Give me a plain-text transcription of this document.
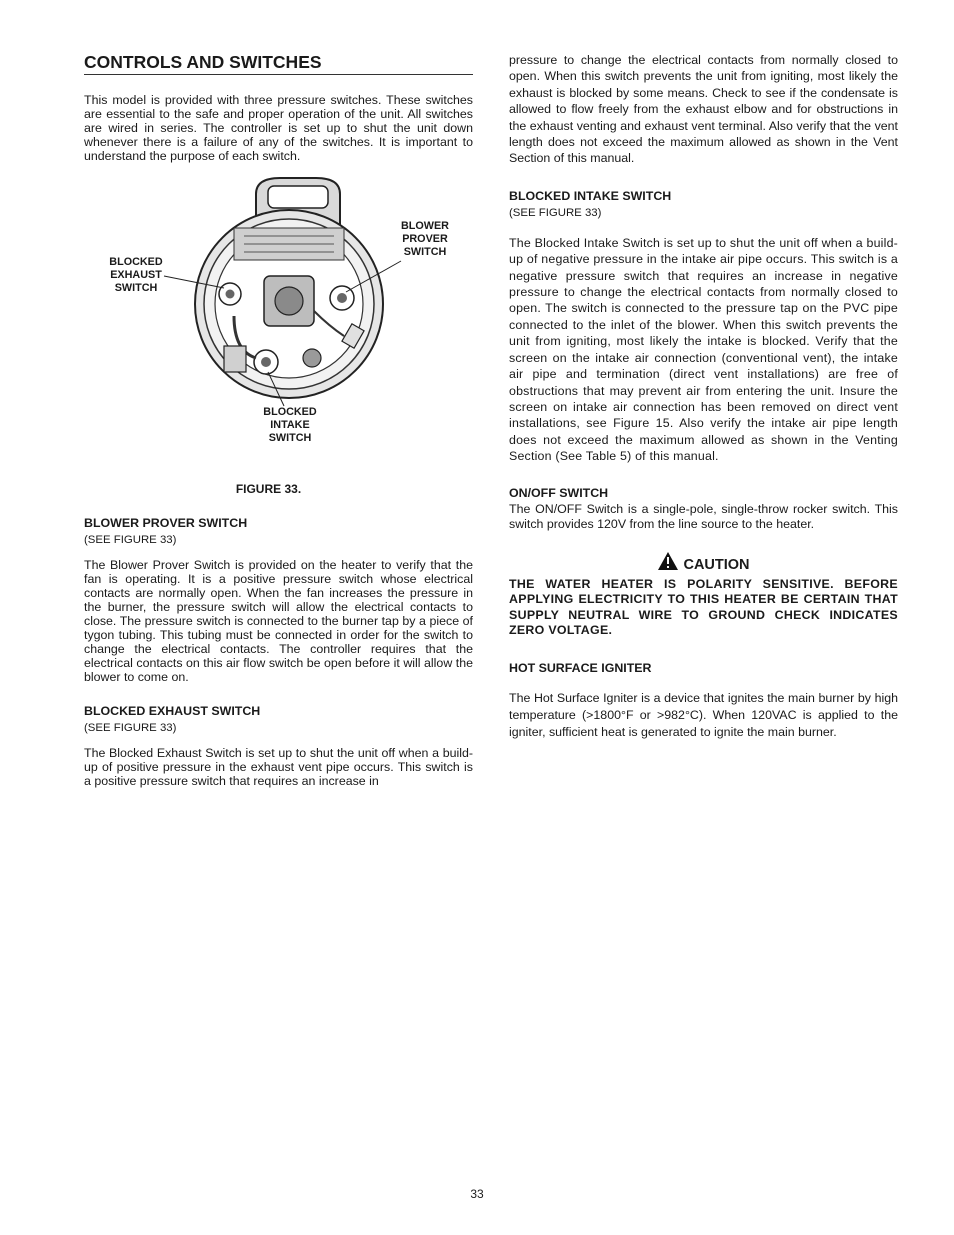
CONTROLS AND SWITCHES

This model is provided with three pressure switches. These switches are essential to the safe and proper operation of the unit. All switches are wired in series. The controller is set up to shut the unit down whenever there is a failure of any of the switches. It is important to understand the purpose of each switch.

BLOWER
PROVER
SWITCH
BLOCKED
EXHAUST
SWITCH
BLOCKED
INTAKE
SWITCH
FIGURE 33.
BLOWER PROVER SWITCH
(SEE FIGURE 33)

The Blower Prover Switch is provided on the heater to verify that the fan is operating. It is a positive pressure switch whose electrical contacts are normally open. When the fan increases the pressure in the burner, the pressure switch will allow the electrical contacts to close. The pressure switch is connected to the burner tap by a piece of tygon tubing. This tubing must be connected in order for the switch to change the electrical contacts. The controller requires that the electrical contacts on this air flow switch be open before it will allow the blower to come on.

BLOCKED EXHAUST SWITCH
(SEE FIGURE 33)

The Blocked Exhaust Switch is set up to shut the unit off when a build-up of positive pressure in the exhaust vent pipe occurs. This switch is a positive pressure switch that requires an increase in

pressure to change the electrical contacts from normally closed to open. When this switch prevents the unit from igniting, most likely the exhaust is blocked by some means. Check to see if the condensate is allowed to flow freely from the exhaust elbow and for obstructions in the exhaust venting and exhaust vent terminal. Also verify that the vent length does not exceed the maximum allowed as shown in the Vent Section of this manual.

BLOCKED INTAKE SWITCH
(SEE FIGURE 33)

The Blocked Intake Switch is set up to shut the unit off when a build-up of negative pressure in the intake air pipe occurs. This switch is a negative pressure switch that requires an increase in negative pressure to change the electrical contacts from normally closed to open. The switch is connected to the pressure tap on the PVC pipe connected to the inlet of the blower. When this switch prevents the unit from igniting, most likely the intake is blocked. Verify that the screen on the intake air connection (conventional vent), the intake air pipe and termination (direct vent installations) are free of obstructions that may prevent air from entering the unit. Insure the screen on intake air connection has been removed on direct vent installations, see Figure 15. Also verify the intake air pipe length does not exceed the maximum allowed as shown in the Venting Section (See Table 5) of this manual.

ON/OFF SWITCH

The ON/OFF Switch is a single-pole, single-throw rocker switch. This switch provides 120V from the line source to the heater.

CAUTION

THE WATER HEATER IS POLARITY SENSITIVE. BEFORE APPLYING ELECTRICITY TO THIS HEATER BE CERTAIN THAT SUPPLY NEUTRAL WIRE TO GROUND CHECK INDICATES ZERO VOLTAGE.

HOT SURFACE IGNITER

The Hot Surface Igniter is a device that ignites the main burner by high temperature (>1800°F or >982°C). When 120VAC is applied to the igniter, sufficient heat is generated to ignite the main burner.

33
